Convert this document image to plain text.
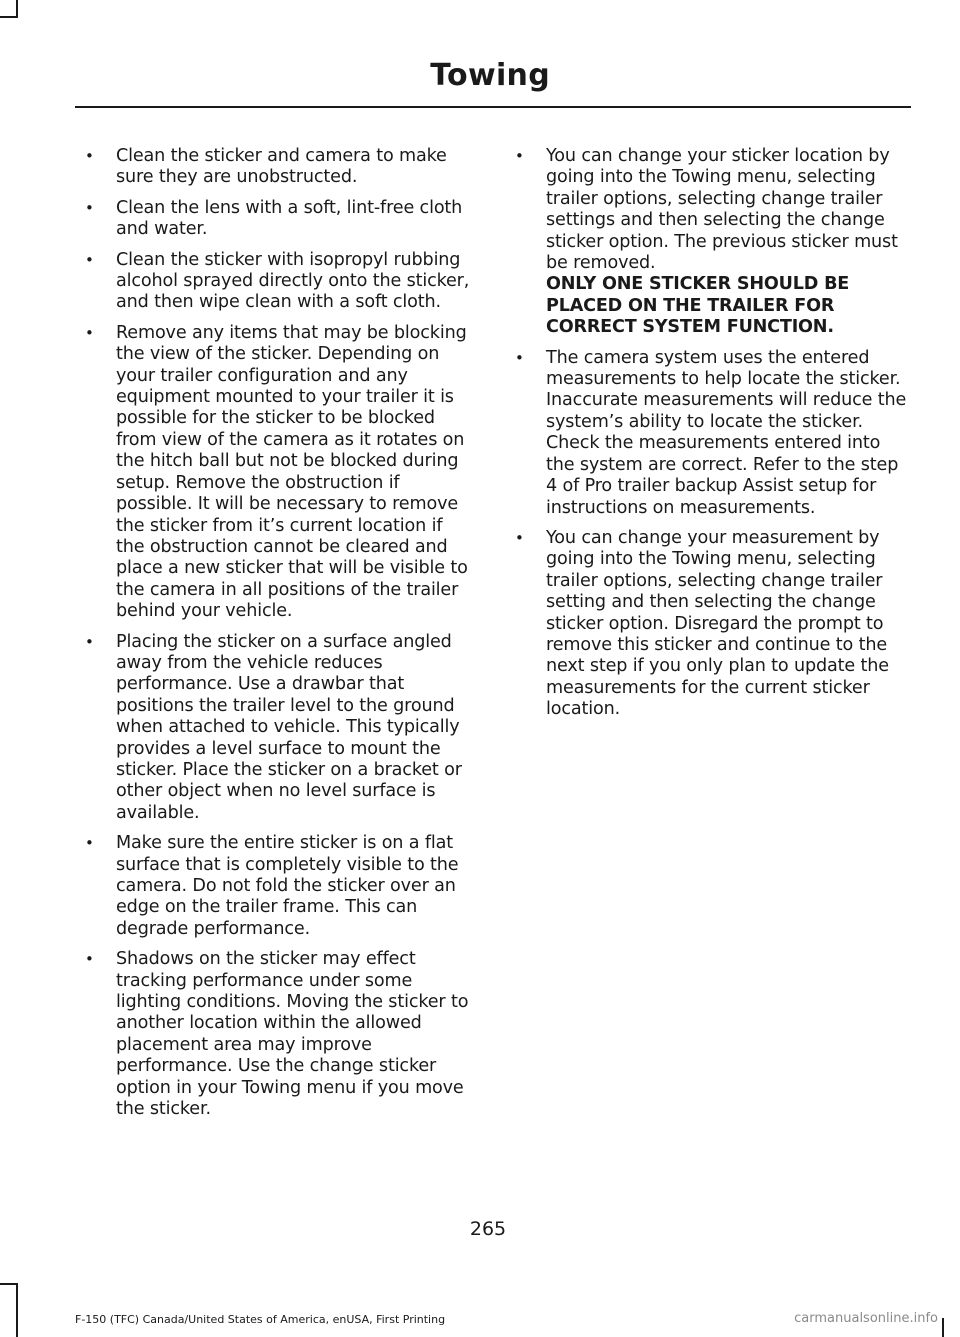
Towing
• Clean the sticker and camera to make sure they are unobstructed.
• Clean the lens with a soft, lint-free cloth and water.
• Clean the sticker with isopropyl rubbing alcohol sprayed directly onto the sticker, and then wipe clean with a soft cloth.
• Remove any items that may be blocking the view of the sticker. Depending on your trailer configuration and any equipment mounted to your trailer it is possible for the sticker to be blocked from view of the camera as it rotates on the hitch ball but not be blocked during setup. Remove the obstruction if possible. It will be necessary to remove the sticker from it’s current location if the obstruction cannot be cleared and place a new sticker that will be visible to the camera in all positions of the trailer behind your vehicle.
• Placing the sticker on a surface angled away from the vehicle reduces performance. Use a drawbar that positions the trailer level to the ground when attached to vehicle. This typically provides a level surface to mount the sticker. Place the sticker on a bracket or other object when no level surface is available.
• Make sure the entire sticker is on a flat surface that is completely visible to the camera. Do not fold the sticker over an edge on the trailer frame. This can degrade performance.
• Shadows on the sticker may effect tracking performance under some lighting conditions. Moving the sticker to another location within the allowed placement area may improve performance. Use the change sticker option in your Towing menu if you move the sticker.
• You can change your sticker location by going into the Towing menu, selecting trailer options, selecting change trailer settings and then selecting the change sticker option. The previous sticker must be removed.
ONLY ONE STICKER SHOULD BE PLACED ON THE TRAILER FOR CORRECT SYSTEM FUNCTION.
• The camera system uses the entered measurements to help locate the sticker. Inaccurate measurements will reduce the system’s ability to locate the sticker. Check the measurements entered into the system are correct. Refer to the step 4 of Pro trailer backup Assist setup for instructions on measurements.
• You can change your measurement by going into the Towing menu, selecting trailer options, selecting change trailer setting and then selecting the change sticker option. Disregard the prompt to remove this sticker and continue to the next step if you only plan to update the measurements for the current sticker location.
265
F-150 (TFC) Canada/United States of America, enUSA, First Printing	carmanualsonline.info
